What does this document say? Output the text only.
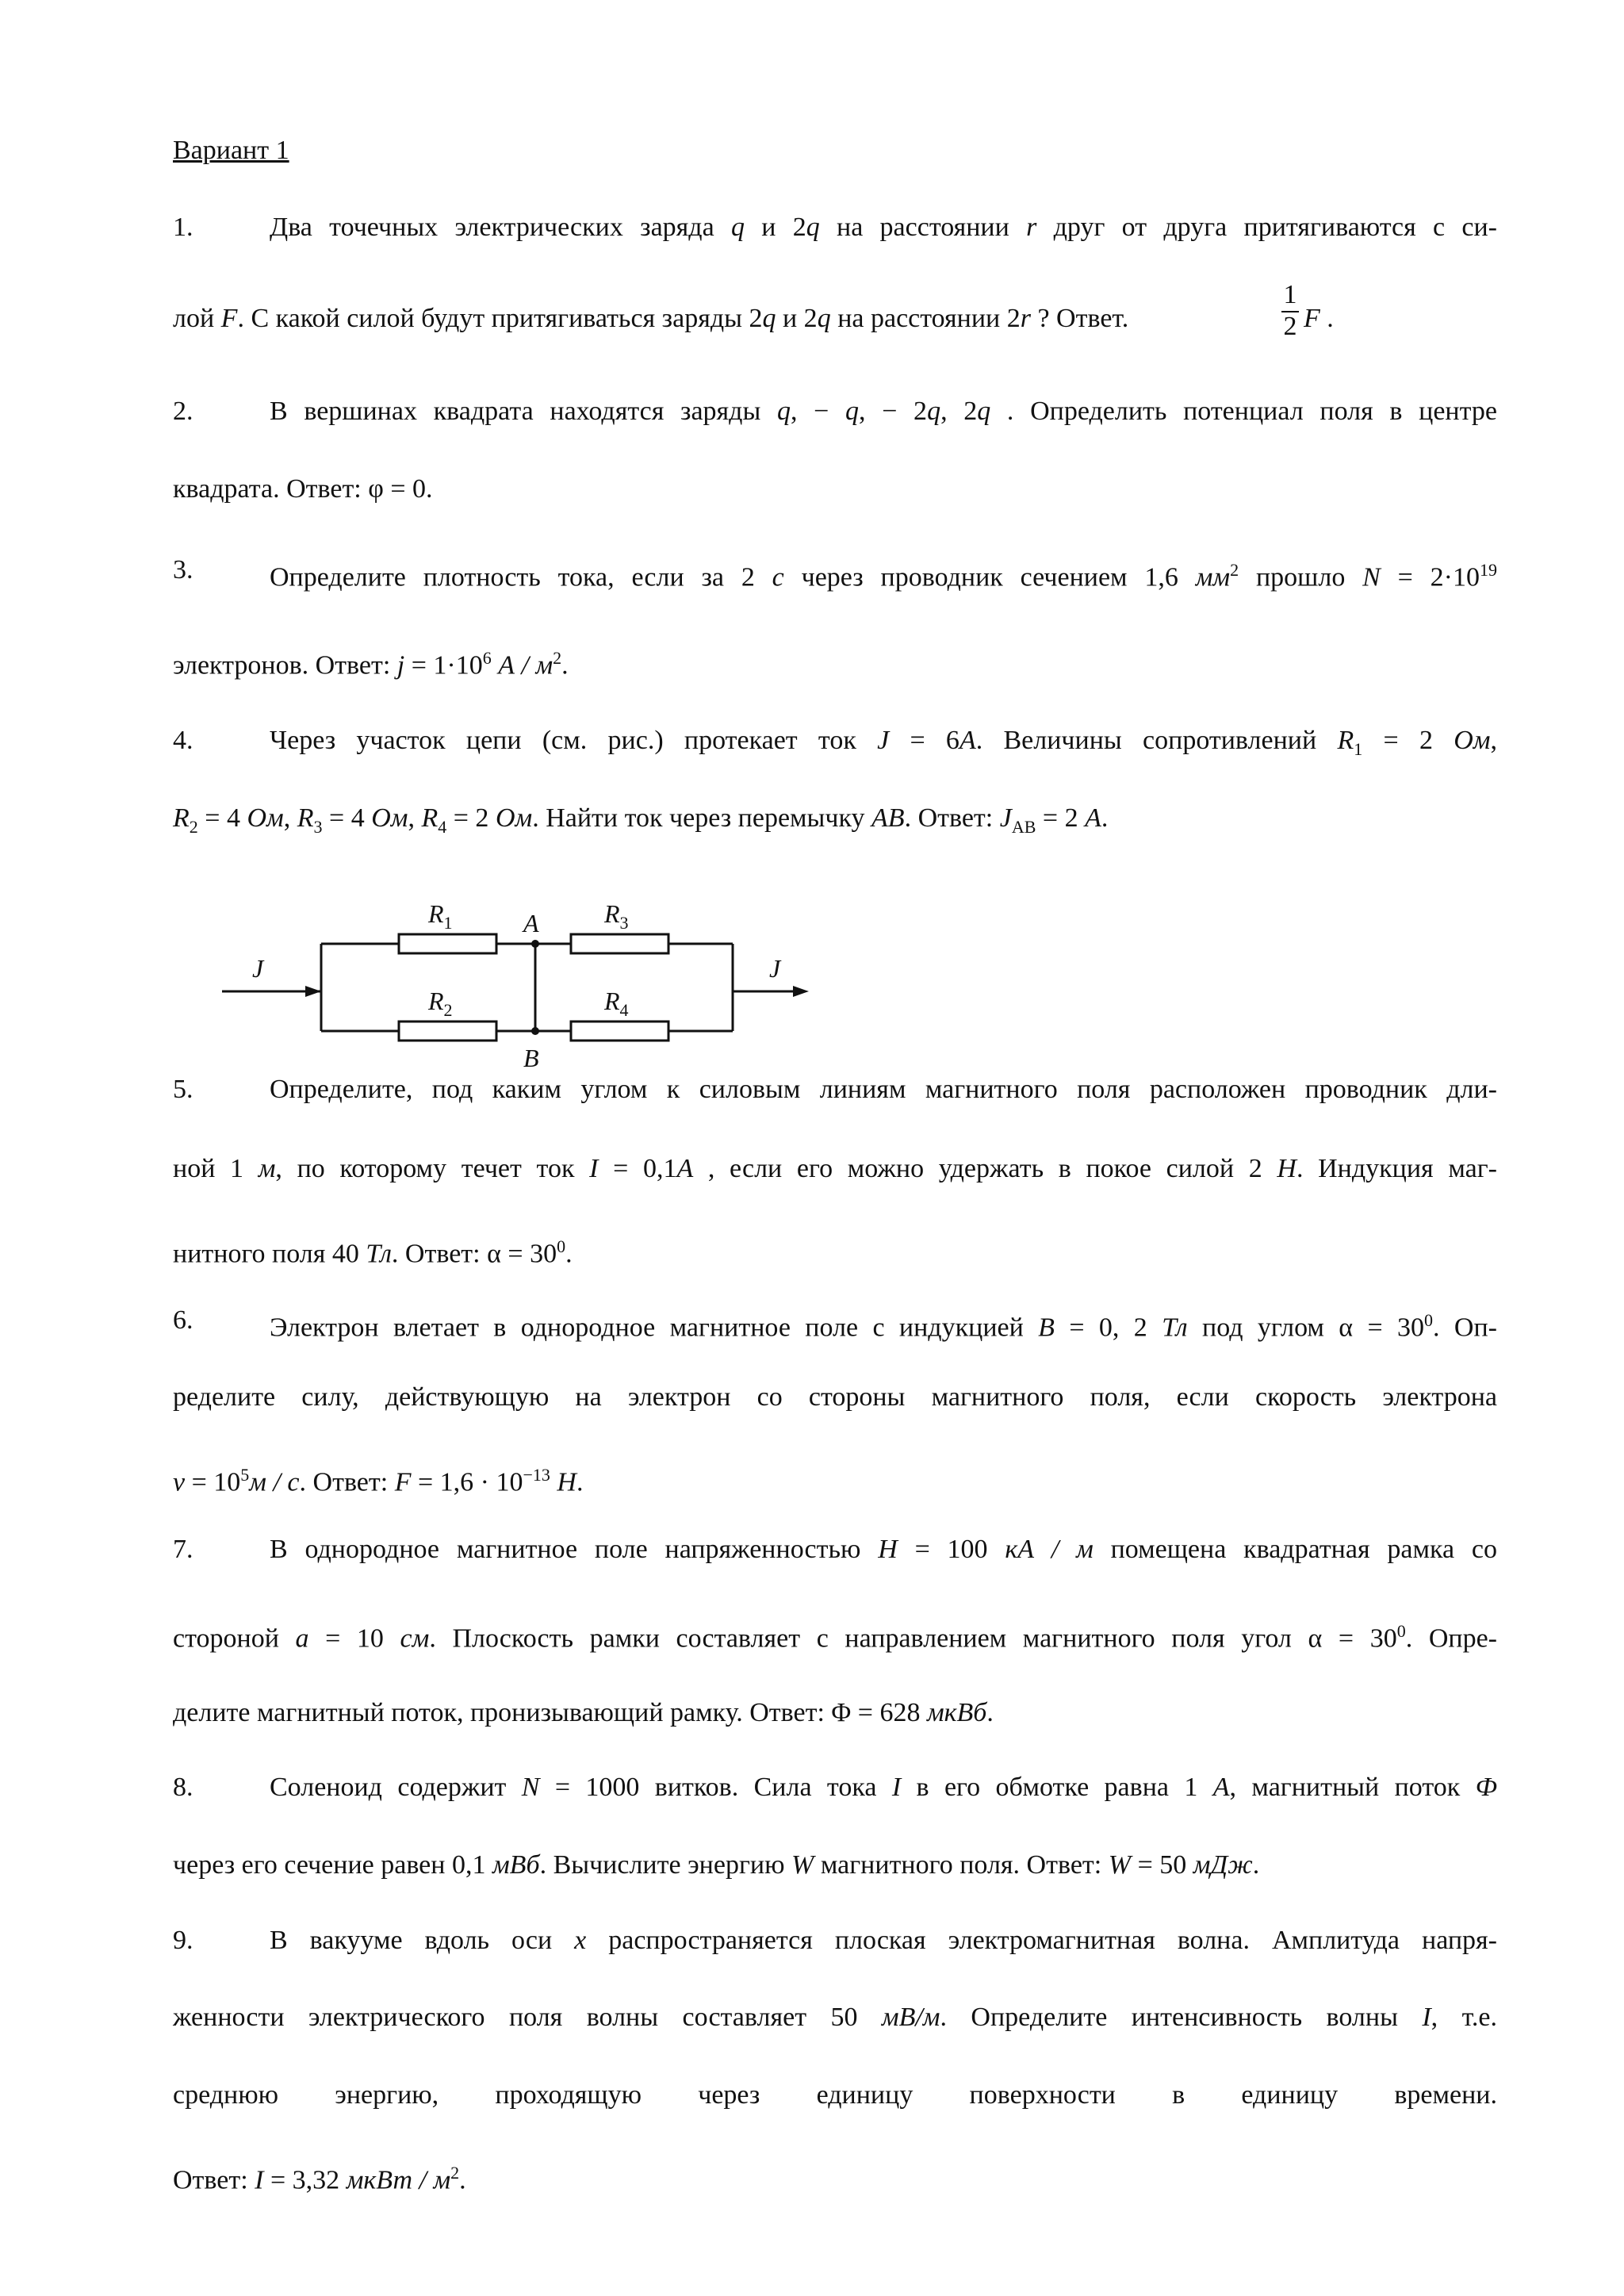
Вариант 1
1.	Два точечных электрических заряда q и 2q на расстоянии r друг от друга притягиваются с си-
лой F. С какой силой будут притягиваться заряды 2q и 2q на расстоянии 2r ? Ответ.
1
2 F .
2.	В вершинах квадрата находятся заряды q, − q, − 2q, 2q . Определить потенциал поля в центре
квадрата. Ответ: φ = 0.
3.	Определите плотность тока, если за 2 с через проводник сечением 1,6 $мм^2$ прошло $N = 2\cdot 10^{19}$
электронов. Ответ: $j = 1\cdot 10^6$ А / $м^2$.
4.	Через участок цепи (см. рис.) протекает ток J = 6А. Величины сопротивлений $R_1 = 2$ Ом,
$R_2 = 4$ Ом, $R_3 = 4$ Ом, $R_4 = 2$ Ом. Найти ток через перемычку АВ. Ответ: $J_{AB} = 2$ А.
5.	Определите, под каким углом к силовым линиям магнитного поля расположен проводник дли-
ной 1 м, по которому течет ток I = 0,1А , если его можно удержать в покое силой 2 Н. Индукция маг-
нитного поля 40 Тл. Ответ: $\alpha = 30^0$.
6.	Электрон влетает в однородное магнитное поле с индукцией В = 0, 2 Тл под углом $\alpha = 30^0$. Оп-
ределите силу, действующую на электрон со стороны магнитного поля, если скорость электрона
$v = 10^5м / с$. Ответ: $F = 1,6 \cdot 10^{-13}$ Н.
7.	В однородное магнитное поле напряженностью Н = 100 кА / м помещена квадратная рамка со
стороной а = 10 см. Плоскость рамки составляет с направлением магнитного поля угол $\alpha = 30^0$. Опре-
делите магнитный поток, пронизывающий рамку. Ответ: Φ = 628 мкВб.
8.	Соленоид содержит N = 1000 витков. Сила тока I в его обмотке равна 1 А, магнитный поток Ф
через его сечение равен 0,1 мВб. Вычислите энергию W магнитного поля. Ответ: W = 50 мДж.
9.	В вакууме вдоль оси х распространяется плоская электромагнитная волна. Амплитуда напря-
женности электрического поля волны составляет 50 мВ/м. Определите интенсивность волны I, т.е.
среднюю энергию, проходящую через единицу поверхности в единицу времени.
Ответ: I = 3,32 мкВт / $м^2$.
J	J
A
B
$R_1$	$R_3$
$R_2$	$R_4$
